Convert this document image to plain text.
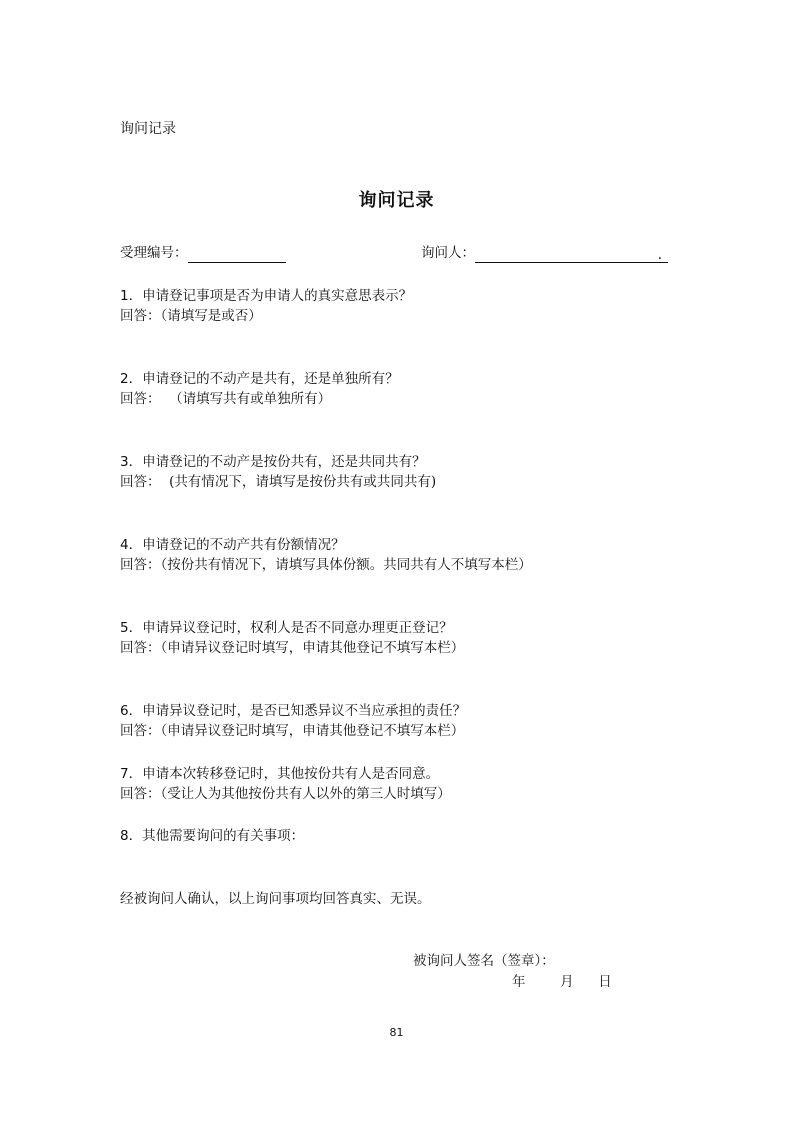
询问记录
询问记录
受理编号：	询问人：	.
1．申请登记事项是否为申请人的真实意思表示？
回答：（请填写是或否）
2．申请登记的不动产是共有，还是单独所有？
回答：  （请填写共有或单独所有）
3．申请登记的不动产是按份共有，还是共同共有？
回答：  (共有情况下，请填写是按份共有或共同共有)
4．申请登记的不动产共有份额情况？
回答：（按份共有情况下，请填写具体份额。共同共有人不填写本栏）
5．申请异议登记时，权利人是否不同意办理更正登记？
回答：（申请异议登记时填写，申请其他登记不填写本栏）
6．申请异议登记时，是否已知悉异议不当应承担的责任？
回答：（申请异议登记时填写，申请其他登记不填写本栏）
7．申请本次转移登记时，其他按份共有人是否同意。
回答：（受让人为其他按份共有人以外的第三人时填写）
8．其他需要询问的有关事项：
经被询问人确认，以上询问事项均回答真实、无误。
被询问人签名（签章）：
年	月 日
81
